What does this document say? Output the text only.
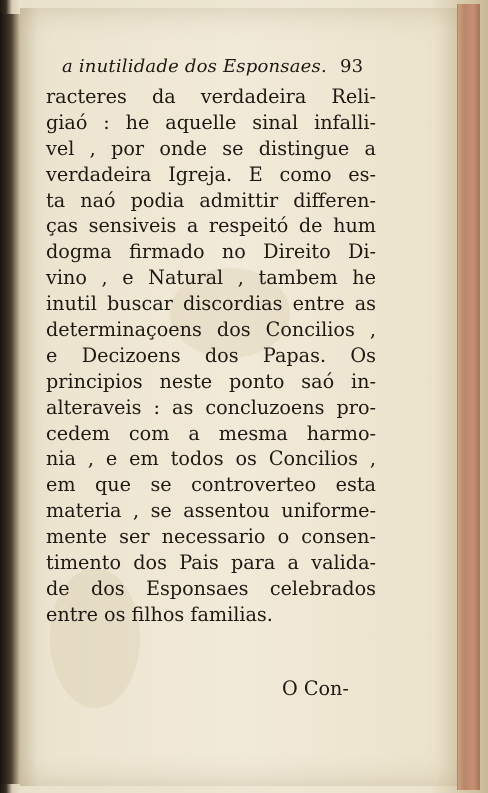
·
·
·
·
·
·
·
a inutilidade dos Esponsaes. 93
racteres da verdadeira Reli-
giaó : he aquelle sinal infalli-
vel , por onde se distingue a
verdadeira Igreja. E como es-
ta naó podia admittir differen-
ças sensiveis a respeitó de hum
dogma firmado no Direito Di-
vino , e Natural , tambem he
inutil buscar discordias entre as
determinaçoens dos Concilios ,
e Decizoens dos Papas. Os
principios neste ponto saó in-
alteraveis : as concluzoens pro-
cedem com a mesma harmo-
nia , e em todos os Concilios ,
em que se controverteo esta
materia , se assentou uniforme-
mente ser necessario o consen-
timento dos Pais para a valida-
de dos Esponsaes celebrados
entre os filhos familias.
O Con-
